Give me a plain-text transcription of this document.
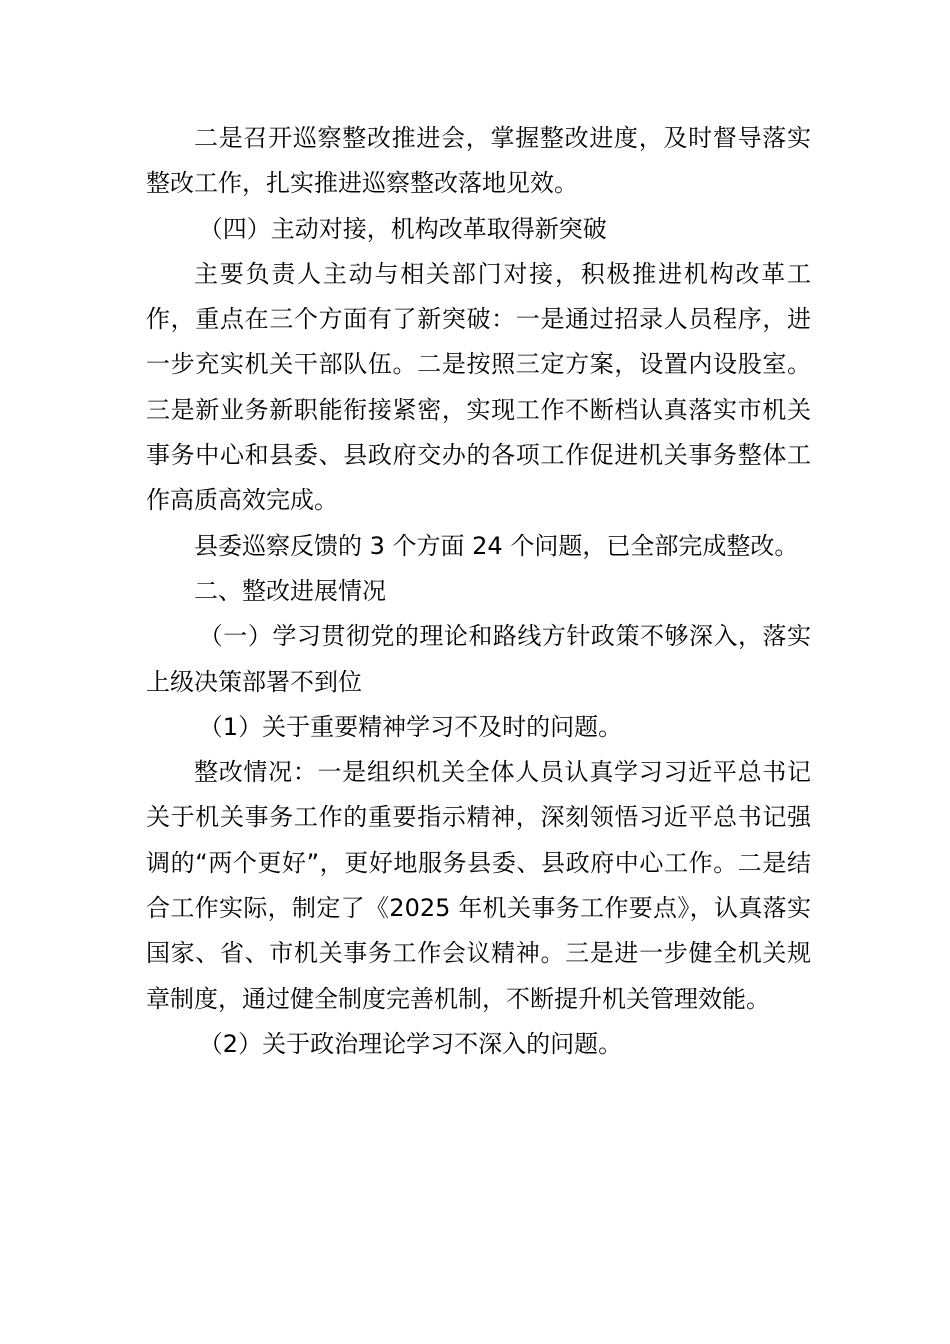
二是召开巡察整改推进会，掌握整改进度，及时督导落实整改工作，扎实推进巡察整改落地见效。

（四）主动对接，机构改革取得新突破

主要负责人主动与相关部门对接，积极推进机构改革工作，重点在三个方面有了新突破：一是通过招录人员程序，进一步充实机关干部队伍。二是按照三定方案，设置内设股室。三是新业务新职能衔接紧密，实现工作不断档认真落实市机关事务中心和县委、县政府交办的各项工作促进机关事务整体工作高质高效完成。

县委巡察反馈的 3 个方面 24 个问题，已全部完成整改。

二、整改进展情况

（一）学习贯彻党的理论和路线方针政策不够深入，落实上级决策部署不到位

（1）关于重要精神学习不及时的问题。

整改情况：一是组织机关全体人员认真学习习近平总书记关于机关事务工作的重要指示精神，深刻领悟习近平总书记强调的“两个更好”，更好地服务县委、县政府中心工作。二是结合工作实际，制定了《2025 年机关事务工作要点》，认真落实国家、省、市机关事务工作会议精神。三是进一步健全机关规章制度，通过健全制度完善机制，不断提升机关管理效能。

（2）关于政治理论学习不深入的问题。
